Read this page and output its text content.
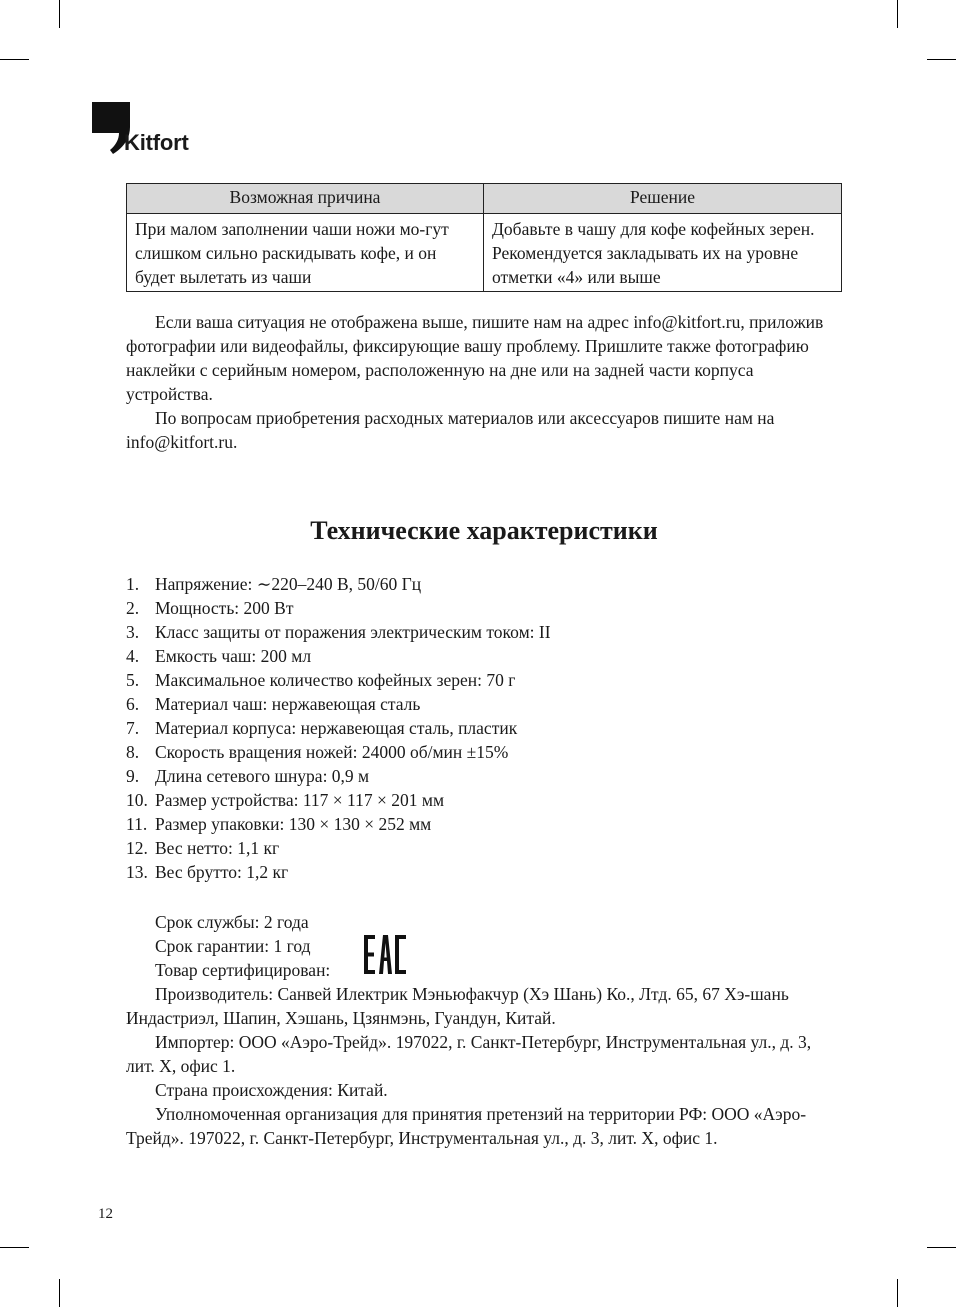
Kitfort
Возможная причина	Решение
При малом заполнении чаши ножи мо-гут слишком сильно раскидывать кофе, и он будет вылетать из чаши	Добавьте в чашу для кофе кофейных зерен. Рекомендуется закладывать их на уровне отметки «4» или выше

Если ваша ситуация не отображена выше, пишите нам на адрес info@kitfort.ru, приложив фотографии или видеофайлы, фиксирующие вашу проблему. Пришлите также фотографию наклейки с серийным номером, расположенную на дне или на задней части корпуса устройства.

По вопросам приобретения расходных материалов или аксессуаров пишите нам на info@kitfort.ru.

Технические характеристики
1. Напряжение: ∼220–240 В, 50/60 Гц
2. Мощность: 200 Вт
3. Класс защиты от поражения электрическим током: II
4. Емкость чаш: 200 мл
5. Максимальное количество кофейных зерен: 70 г
6. Материал чаш: нержавеющая сталь
7. Материал корпуса: нержавеющая сталь, пластик
8. Скорость вращения ножей: 24000 об/мин ±15%
9. Длина сетевого шнура: 0,9 м
10. Размер устройства: 117 × 117 × 201 мм
11. Размер упаковки: 130 × 130 × 252 мм
12. Вес нетто: 1,1 кг
13. Вес брутто: 1,2 кг

Срок службы: 2 года

Срок гарантии: 1 год

Товар сертифицирован:

Производитель: Санвей Илектрик Мэньюфакчур (Хэ Шань) Ко., Лтд. 65, 67 Хэ-шань Индастриэл, Шапин, Хэшань, Цзянмэнь, Гуандун, Китай.

Импортер: ООО «Аэро-Трейд». 197022, г. Санкт-Петербург, Инструментальная ул., д. 3, лит. Х, офис 1.

Страна происхождения: Китай.

Уполномоченная организация для принятия претензий на территории РФ: ООО «Аэро-Трейд». 197022, г. Санкт-Петербург, Инструментальная ул., д. 3, лит. Х, офис 1.

12
